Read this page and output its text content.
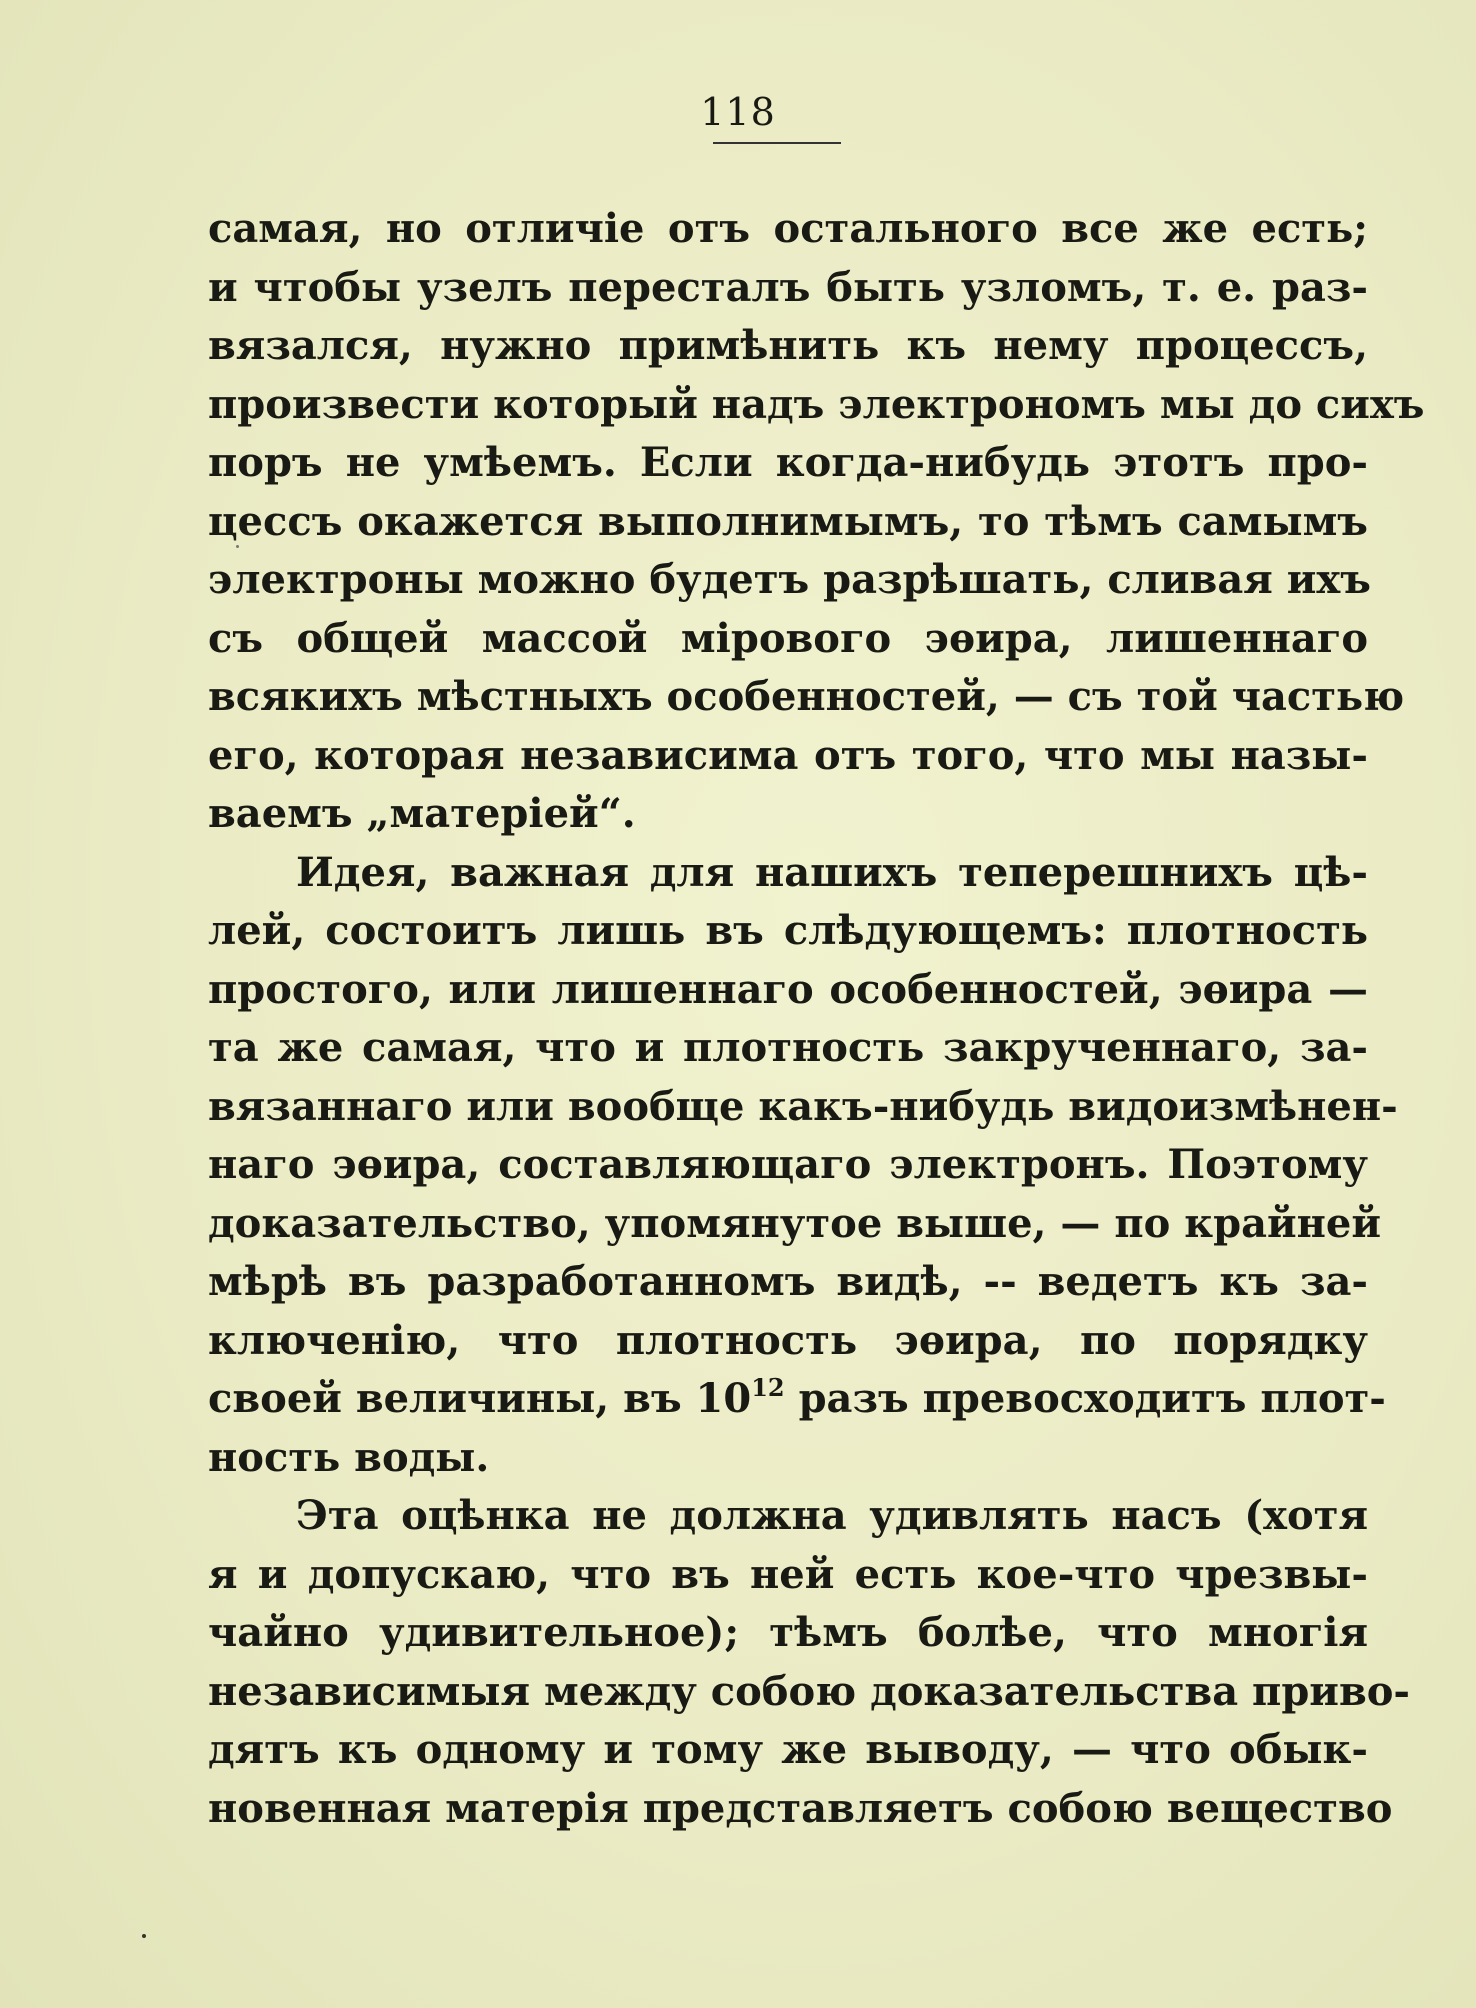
118
самая, но отличіе отъ остального все же есть;
и чтобы узелъ пересталъ быть узломъ, т. е. раз-
вязался, нужно примѣнить къ нему процессъ,
произвести который надъ электрономъ мы до сихъ
поръ не умѣемъ. Если когда-нибудь этотъ про-
цессъ окажется выполнимымъ, то тѣмъ самымъ
электроны можно будетъ разрѣшать, сливая ихъ
съ общей массой міpoвого эѳира, лишеннаго
всякихъ мѣстныхъ особенностей, — съ той частью
его, которая независима отъ того, что мы назы-
ваемъ „матеріей“.
Идея, важная для нашихъ теперешнихъ цѣ-
лей, состоитъ лишь въ слѣдующемъ: плотность
простого, или лишеннаго особенностей, эѳира —
та же самая, что и плотность закрученнаго, за-
вязаннаго или вообще какъ-нибудь видоизмѣнен-
наго эѳира, составляющаго электронъ. Поэтому
доказательство, упомянутое выше, — по крайней
мѣрѣ въ разработанномъ видѣ, -- ведетъ къ за-
ключенію, что плотность эѳира, по порядку
своей величины, въ $10^{12}$ разъ превосходитъ плот-
ность воды.
Эта оцѣнка не должна удивлять насъ (хотя
я и допускаю, что въ ней есть кое-что чрезвы-
чайно удивительное); тѣмъ болѣе, что многія
независимыя между собою доказательства приво-
дятъ къ одному и тому же выводу, — что обык-
новенная матерія представляетъ собою вещество
